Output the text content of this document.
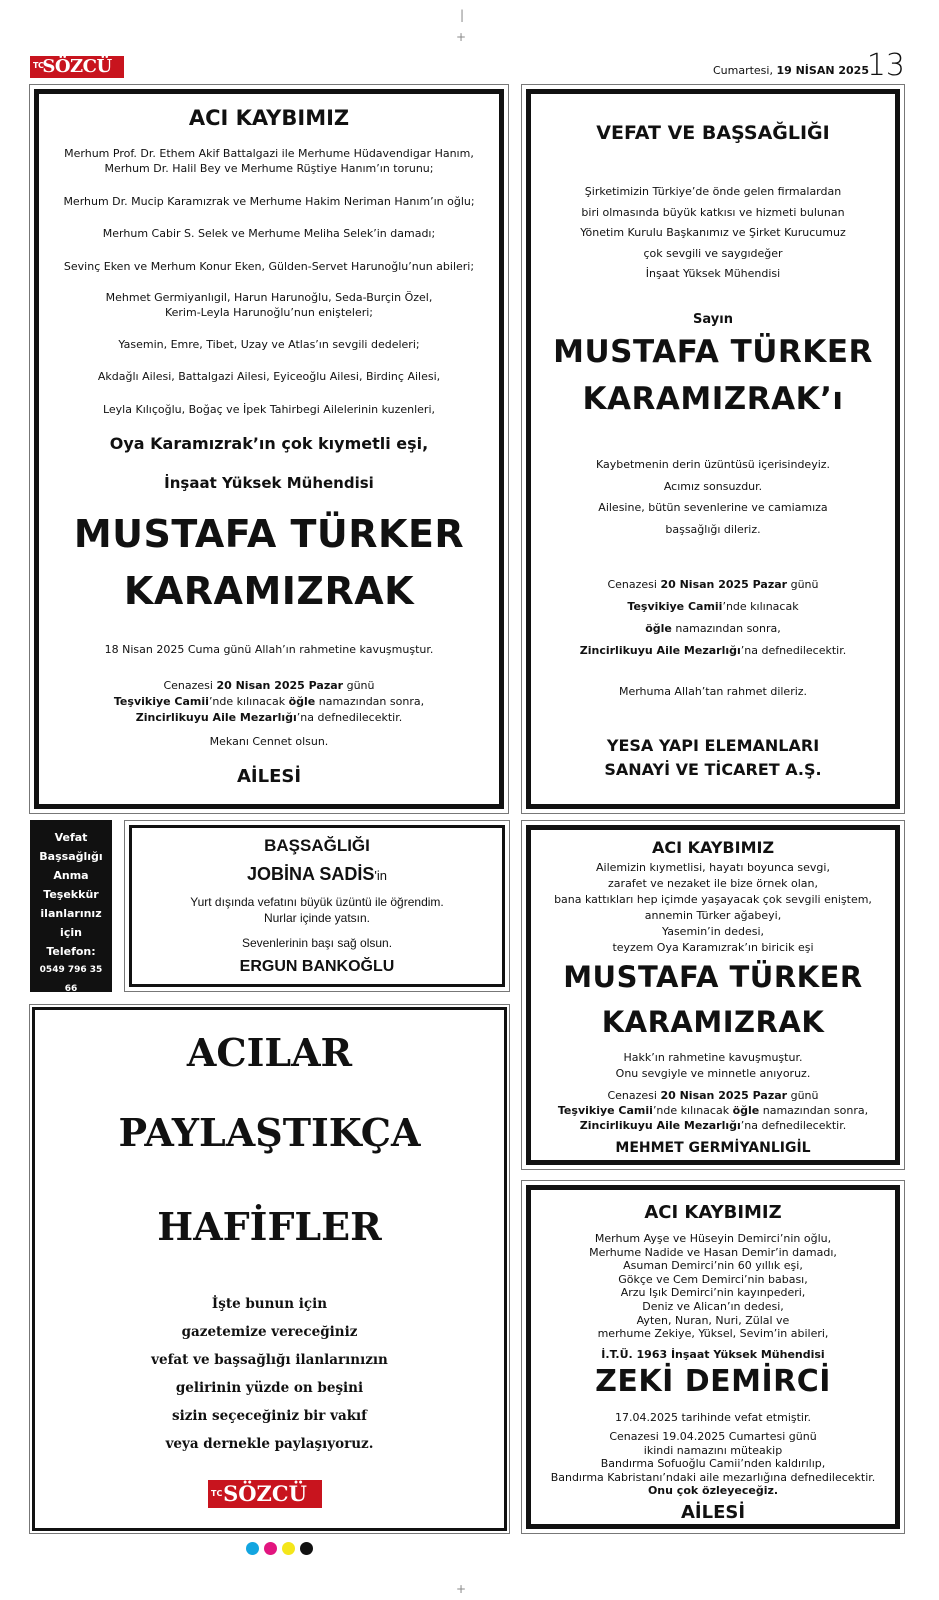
|
+
TC SÖZCÜ	Cumartesi, 19 NİSAN 2025
13
ACI KAYBIMIZ
Merhum Prof. Dr. Ethem Akif Battalgazi ile Merhume Hüdavendigar Hanım,
Merhum Dr. Halil Bey ve Merhume Rüştiye Hanım’ın torunu;
Merhum Dr. Mucip Karamızrak ve Merhume Hakim Neriman Hanım’ın oğlu;
Merhum Cabir S. Selek ve Merhume Meliha Selek’in damadı;
Sevinç Eken ve Merhum Konur Eken, Gülden-Servet Harunoğlu’nun abileri;
Mehmet Germiyanlıgil, Harun Harunoğlu, Seda-Burçin Özel,
Kerim-Leyla Harunoğlu’nun enişteleri;
Yasemin, Emre, Tibet, Uzay ve Atlas’ın sevgili dedeleri;
Akdağlı Ailesi, Battalgazi Ailesi, Eyiceoğlu Ailesi, Birdinç Ailesi,
Leyla Kılıçoğlu, Boğaç ve İpek Tahirbegi Ailelerinin kuzenleri,
Oya Karamızrak’ın çok kıymetli eşi,
İnşaat Yüksek Mühendisi
MUSTAFA TÜRKER
KARAMIZRAK
18 Nisan 2025 Cuma günü Allah’ın rahmetine kavuşmuştur.
Cenazesi 20 Nisan 2025 Pazar günü
Teşvikiye Camii’nde kılınacak öğle namazından sonra,
Zincirlikuyu Aile Mezarlığı’na defnedilecektir.
Mekanı Cennet olsun.
AİLESİ
VEFAT VE BAŞSAĞLIĞI
Şirketimizin Türkiye’de önde gelen firmalardan
biri olmasında büyük katkısı ve hizmeti bulunan
Yönetim Kurulu Başkanımız ve Şirket Kurucumuz
çok sevgili ve saygıdeğer
İnşaat Yüksek Mühendisi
Sayın
MUSTAFA TÜRKER
KARAMIZRAK’ı
Kaybetmenin derin üzüntüsü içerisindeyiz.
Acımız sonsuzdur.
Ailesine, bütün sevenlerine ve camiamıza
başsağlığı dileriz.
Cenazesi 20 Nisan 2025 Pazar günü
Teşvikiye Camii’nde kılınacak
öğle namazından sonra,
Zincirlikuyu Aile Mezarlığı’na defnedilecektir.
Merhuma Allah’tan rahmet dileriz.
YESA YAPI ELEMANLARI
SANAYİ VE TİCARET A.Ş.
Vefat
Başsağlığı
Anma
Teşekkür
ilanlarınız
için
Telefon:
0549 796 35 66
BAŞSAĞLIĞI
JOBİNA SADİS'in
Yurt dışında vefatını büyük üzüntü ile öğrendim.
Nurlar içinde yatsın.
Sevenlerinin başı sağ olsun.
ERGUN BANKOĞLU
ACILAR
PAYLAŞTIKÇA
HAFİFLER
İşte bunun için
gazetemize vereceğiniz
vefat ve başsağlığı ilanlarınızın
gelirinin yüzde on beşini
sizin seçeceğiniz bir vakıf
veya dernekle paylaşıyoruz.
TC SÖZCÜ
ACI KAYBIMIZ
Ailemizin kıymetlisi, hayatı boyunca sevgi,
zarafet ve nezaket ile bize örnek olan,
bana kattıkları hep içimde yaşayacak çok sevgili eniştem,
annemin Türker ağabeyi,
Yasemin’in dedesi,
teyzem Oya Karamızrak’ın biricik eşi
MUSTAFA TÜRKER
KARAMIZRAK
Hakk’ın rahmetine kavuşmuştur.
Onu sevgiyle ve minnetle anıyoruz.
Cenazesi 20 Nisan 2025 Pazar günü
Teşvikiye Camii’nde kılınacak öğle namazından sonra,
Zincirlikuyu Aile Mezarlığı’na defnedilecektir.
MEHMET GERMİYANLIGİL
ACI KAYBIMIZ
Merhum Ayşe ve Hüseyin Demirci’nin oğlu,
Merhume Nadide ve Hasan Demir’in damadı,
Asuman Demirci’nin 60 yıllık eşi,
Gökçe ve Cem Demirci’nin babası,
Arzu Işık Demirci’nin kayınpederi,
Deniz ve Alican’ın dedesi,
Ayten, Nuran, Nuri, Zülal ve
merhume Zekiye, Yüksel, Sevim’in abileri,
İ.T.Ü. 1963 İnşaat Yüksek Mühendisi
ZEKİ DEMİRCİ
17.04.2025 tarihinde vefat etmiştir.
Cenazesi 19.04.2025 Cumartesi günü
ikindi namazını müteakip
Bandırma Sofuoğlu Camii’nden kaldırılıp,
Bandırma Kabristanı’ndaki aile mezarlığına defnedilecektir.
Onu çok özleyeceğiz.
AİLESİ
+
